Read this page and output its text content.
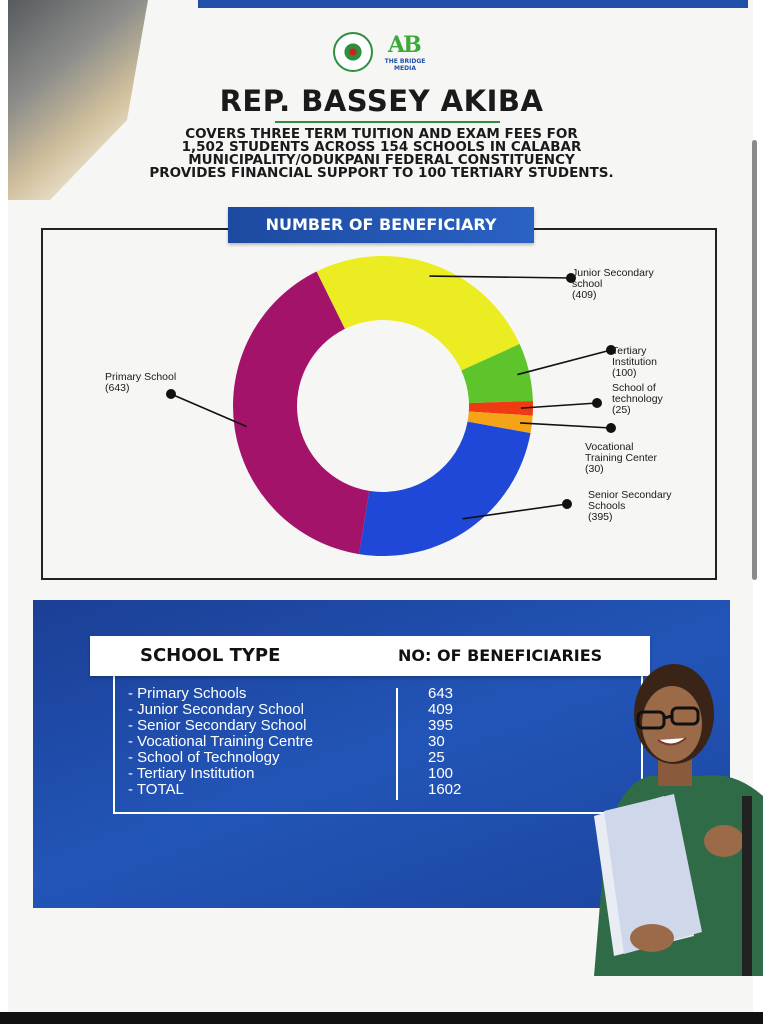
AB
THE BRIDGE MEDIA
REP. BASSEY AKIBA
COVERS THREE TERM TUITION AND EXAM FEES FOR
1,502 STUDENTS ACROSS 154 SCHOOLS IN CALABAR
MUNICIPALITY/ODUKPANI FEDERAL CONSTITUENCY
PROVIDES FINANCIAL SUPPORT TO 100 TERTIARY STUDENTS.
Junior Secondary school (409)
Tertiary Institution (100)
School of technology (25)
Vocational Training Center (30)
Senior Secondary Schools (395)
Primary School (643)
NUMBER OF BENEFICIARY
SCHOOL TYPE	NO: OF BENEFICIARIES
- Primary Schools	643
- Junior Secondary School	409
- Senior Secondary School	395
- Vocational Training Centre	30
- School of Technology	25
- Tertiary Institution	100
- TOTAL	1602
